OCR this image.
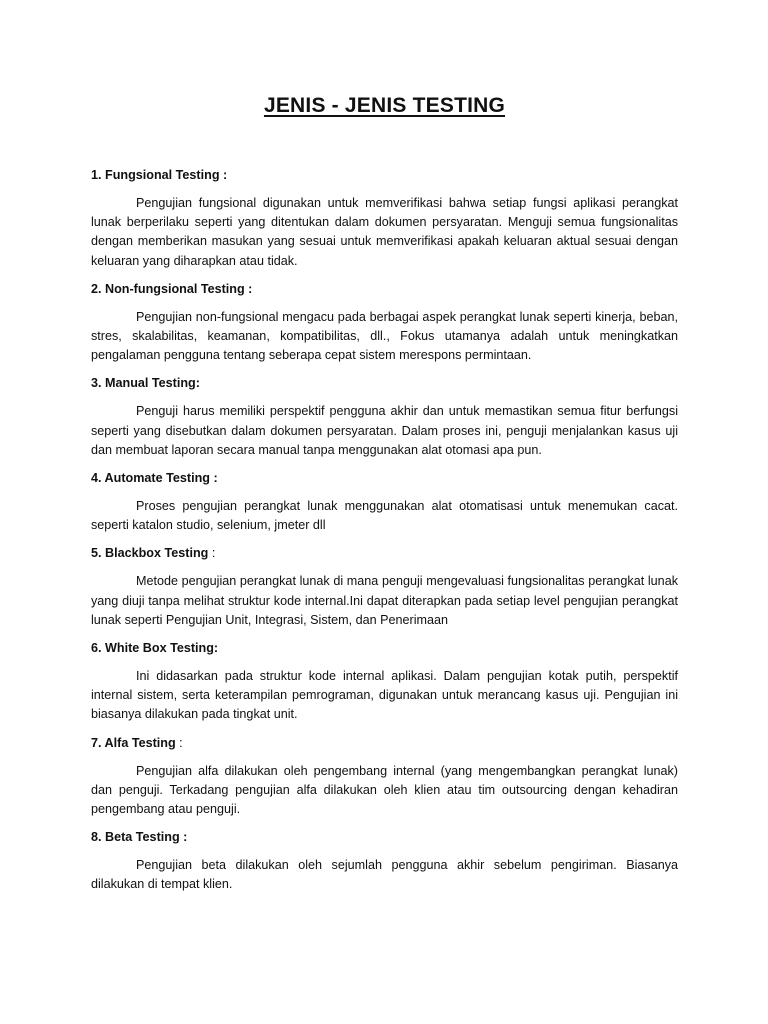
JENIS - JENIS TESTING

1. Fungsional Testing :

Pengujian fungsional digunakan untuk memverifikasi bahwa setiap fungsi aplikasi perangkat lunak berperilaku seperti yang ditentukan dalam dokumen persyaratan. Menguji semua fungsionalitas dengan memberikan masukan yang sesuai untuk memverifikasi apakah keluaran aktual sesuai dengan keluaran yang diharapkan atau tidak.

2. Non-fungsional Testing :

Pengujian non-fungsional mengacu pada berbagai aspek perangkat lunak seperti kinerja, beban, stres, skalabilitas, keamanan, kompatibilitas, dll., Fokus utamanya adalah untuk meningkatkan pengalaman pengguna tentang seberapa cepat sistem merespons permintaan.

3. Manual Testing:

Penguji harus memiliki perspektif pengguna akhir dan untuk memastikan semua fitur berfungsi seperti yang disebutkan dalam dokumen persyaratan. Dalam proses ini, penguji menjalankan kasus uji dan membuat laporan secara manual tanpa menggunakan alat otomasi apa pun.

4. Automate Testing :

Proses pengujian perangkat lunak menggunakan alat otomatisasi untuk menemukan cacat. seperti katalon studio, selenium, jmeter dll

5. Blackbox Testing :

Metode pengujian perangkat lunak di mana penguji mengevaluasi fungsionalitas perangkat lunak yang diuji tanpa melihat struktur kode internal.Ini dapat diterapkan pada setiap level pengujian perangkat lunak seperti Pengujian Unit, Integrasi, Sistem, dan Penerimaan

6. White Box Testing:

Ini didasarkan pada struktur kode internal aplikasi. Dalam pengujian kotak putih, perspektif internal sistem, serta keterampilan pemrograman, digunakan untuk merancang kasus uji. Pengujian ini biasanya dilakukan pada tingkat unit.

7. Alfa Testing :

Pengujian alfa dilakukan oleh pengembang internal (yang mengembangkan perangkat lunak) dan penguji. Terkadang pengujian alfa dilakukan oleh klien atau tim outsourcing dengan kehadiran pengembang atau penguji.

8. Beta Testing :

Pengujian beta dilakukan oleh sejumlah pengguna akhir sebelum pengiriman. Biasanya dilakukan di tempat klien.
